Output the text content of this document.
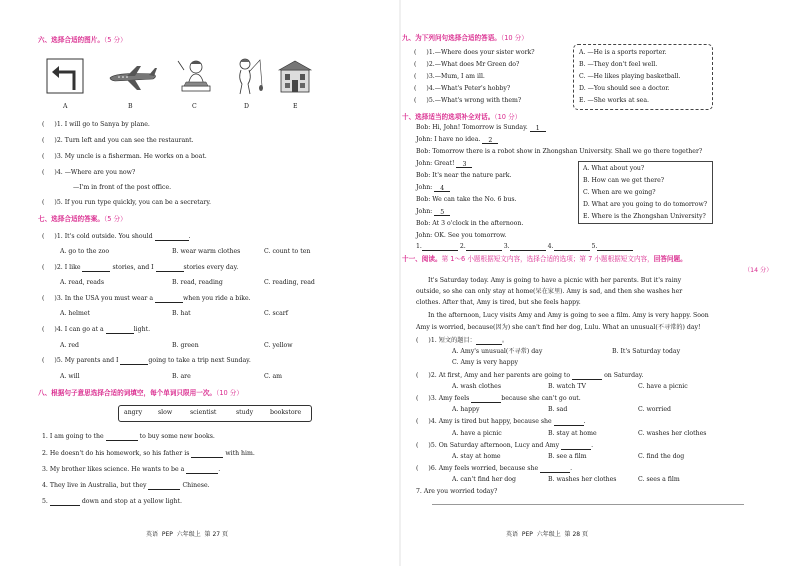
六、选择合适的图片。（5 分）
A	B	C	D	E
( )1. I will go to Sanya by plane.
( )2. Turn left and you can see the restaurant.
( )3. My uncle is a fisherman. He works on a boat.
( )4. —Where are you now?
—I'm in front of the post office.
( )5. If you run type quickly, you can be a secretary.
七、选择合适的答案。（5 分）
( )1. It's cold outside. You should	.
A. go to the zoo	B. wear warm clothes	C. count to ten
( )2. I like	stories, and I	stories every day.
A. read, reads	B. read, reading	C. reading, read
( )3. In the USA you must wear a	when you ride a bike.
A. helmet	B. hat	C. scarf
( )4. I can go at a	light.
A. red	B. green	C. yellow
( )5. My parents and I	going to take a trip next Sunday.
A. will	B. are	C. am
八、根据句子意思选择合适的词填空，每个单词只限用一次。（10 分）
angry	slow	scientist	study	bookstore
1. I am going to the	to buy some new books.
2. He doesn't do his homework, so his father is	with him.
3. My brother likes science. He wants to be a	.
4. They live in Australia, but they	Chinese.
5.	down and stop at a yellow light.
英语 PEP 六年级上 第 27 页
九、为下列问句选择合适的答语。（10 分）
( )1.—Where does your sister work?
( )2.—What does Mr Green do?
( )3.—Mum, I am ill.
( )4.—What's Peter's hobby?
( )5.—What's wrong with them?
A. —He is a sports reporter.
B. —They don't feel well.
C. —He likes playing basketball.
D. —You should see a doctor.
E. —She works at sea.
十、选择适当的选项补全对话。（10 分）
Bob: Hi, John! Tomorrow is Sunday. 1
John: I have no idea. 2
Bob: Tomorrow there is a robot show in Zhongshan University. Shall we go there together?
John: Great! 3
Bob: It's near the nature park.
John: 4
Bob: We can take the No. 6 bus.
John: 5
Bob: At 3 o'clock in the afternoon.
John: OK. See you tomorrow.
A. What about you?
B. How can we get there?
C. When are we going?
D. What are you going to do tomorrow?
E. Where is the Zhongshan University?
1.	2.	3.	4.	5.
十一、阅读。第 1～6 小题根据短文内容，选择合适的选项；第 7 小题根据短文内容，回答问题。
（14 分）
It's Saturday today. Amy is going to have a picnic with her parents. But it's rainy
outside, so she can only stay at home(呆在家里). Amy is sad, and then she washes her
clothes. After that, Amy is tired, but she feels happy.
In the afternoon, Lucy visits Amy and Amy is going to see a film. Amy is very happy. Soon
Amy is worried, because(因为) she can't find her dog, Lulu. What an unusual(不寻常的) day!
( )1. 短文的题目：	。
A. Amy's unusual(不寻常) day	B. It's Saturday today
C. Amy is very happy
( )2. At first, Amy and her parents are going to	on Saturday.
A. wash clothes	B. watch TV	C. have a picnic
( )3. Amy feels	because she can't go out.
A. happy	B. sad	C. worried
( )4. Amy is tired but happy, because she	.
A. have a picnic	B. stay at home	C. washes her clothes
( )5. On Saturday afternoon, Lucy and Amy	.
A. stay at home	B. see a film	C. find the dog
( )6. Amy feels worried, because she	.
A. can't find her dog	B. washes her clothes	C. sees a film
7. Are you worried today?
英语 PEP 六年级上 第 28 页
